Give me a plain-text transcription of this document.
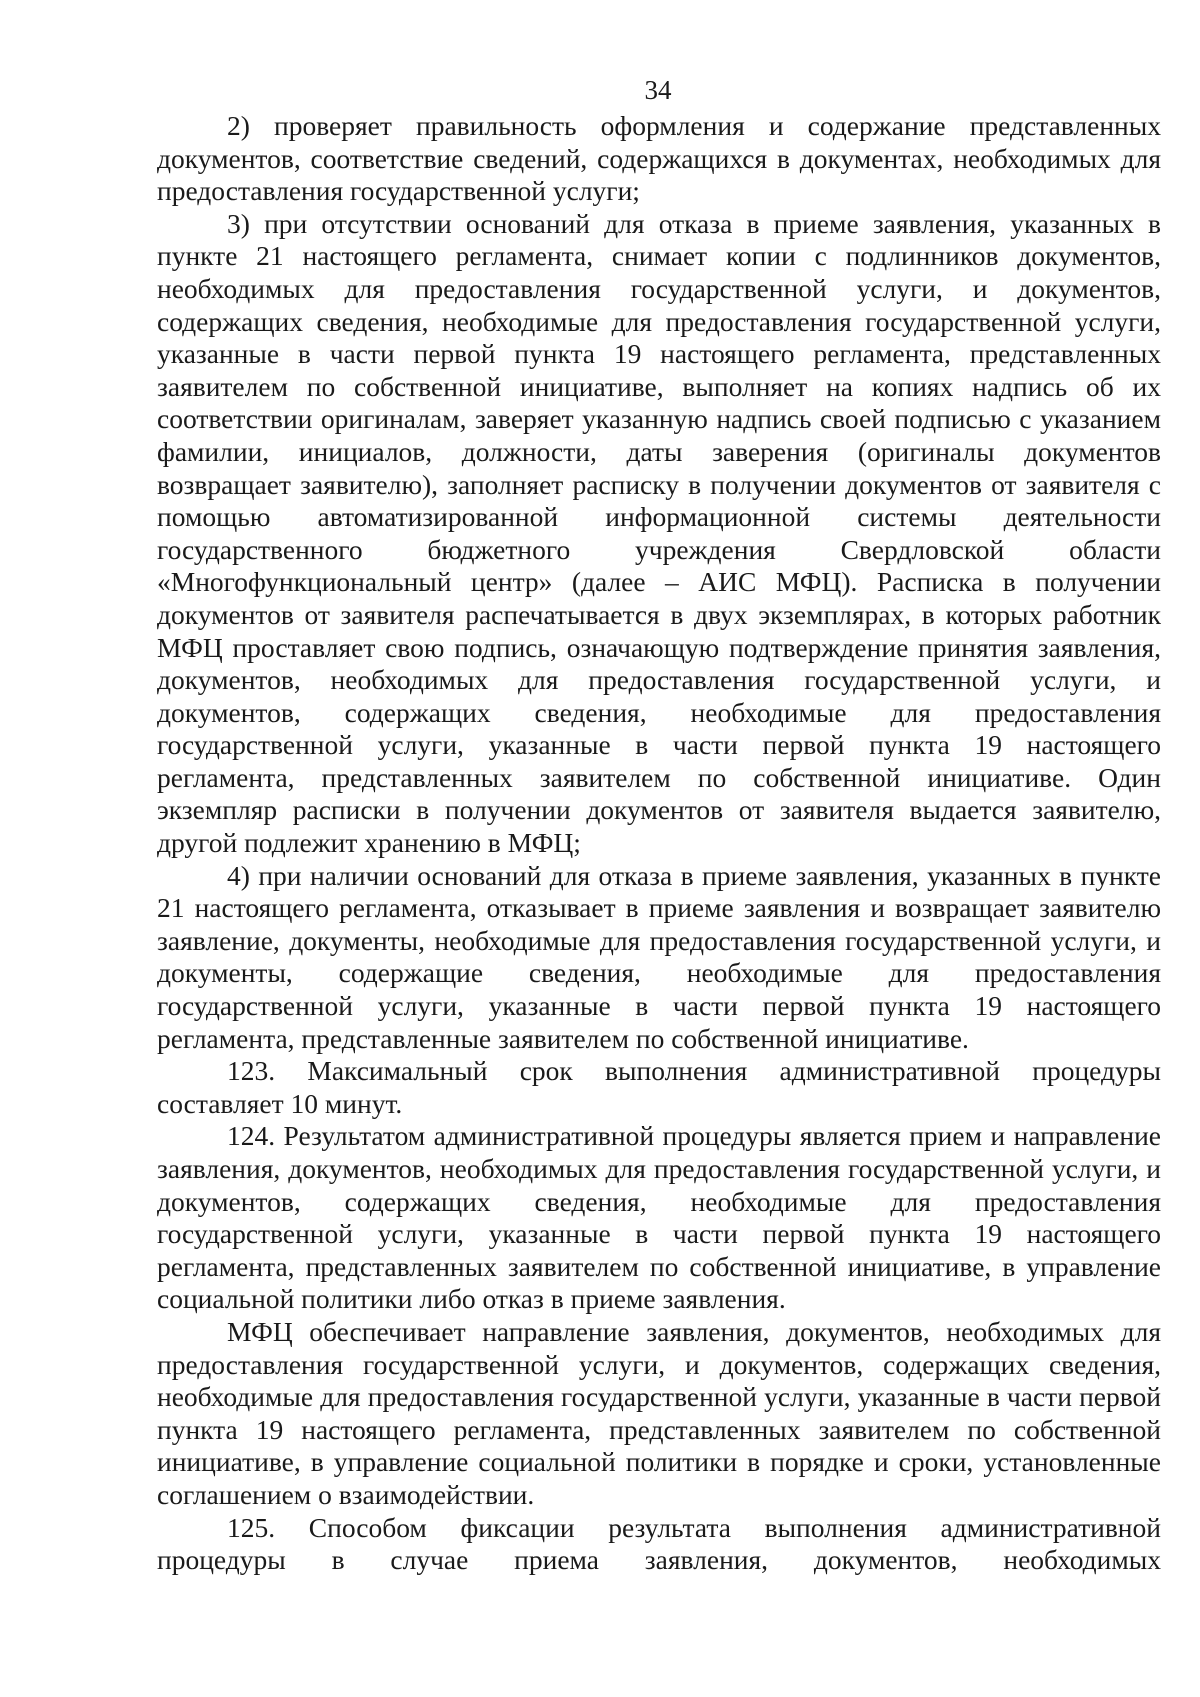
34

2) проверяет правильность оформления и содержание представленных документов, соответствие сведений, содержащихся в документах, необходимых для предоставления государственной услуги;

3) при отсутствии оснований для отказа в приеме заявления, указанных в пункте 21 настоящего регламента, снимает копии с подлинников документов, необходимых для предоставления государственной услуги, и документов, содержащих сведения, необходимые для предоставления государственной услуги, указанные в части первой пункта 19 настоящего регламента, представленных заявителем по собственной инициативе, выполняет на копиях надпись об их соответствии оригиналам, заверяет указанную надпись своей подписью с указанием фамилии, инициалов, должности, даты заверения (оригиналы документов возвращает заявителю), заполняет расписку в получении документов от заявителя с помощью автоматизированной информационной системы деятельности государственного бюджетного учреждения Свердловской области «Многофункциональный центр» (далее – АИС МФЦ). Расписка в получении документов от заявителя распечатывается в двух экземплярах, в которых работник МФЦ проставляет свою подпись, означающую подтверждение принятия заявления, документов, необходимых для предоставления государственной услуги, и документов, содержащих сведения, необходимые для предоставления государственной услуги, указанные в части первой пункта 19 настоящего регламента, представленных заявителем по собственной инициативе. Один экземпляр расписки в получении документов от заявителя выдается заявителю, другой подлежит хранению в МФЦ;

4) при наличии оснований для отказа в приеме заявления, указанных в пункте 21 настоящего регламента, отказывает в приеме заявления и возвращает заявителю заявление, документы, необходимые для предоставления государственной услуги, и документы, содержащие сведения, необходимые для предоставления государственной услуги, указанные в части первой пункта 19 настоящего регламента, представленные заявителем по собственной инициативе.

123. Максимальный срок выполнения административной процедуры составляет 10 минут.

124. Результатом административной процедуры является прием и направление заявления, документов, необходимых для предоставления государственной услуги, и документов, содержащих сведения, необходимые для предоставления государственной услуги, указанные в части первой пункта 19 настоящего регламента, представленных заявителем по собственной инициативе, в управление социальной политики либо отказ в приеме заявления.

МФЦ обеспечивает направление заявления, документов, необходимых для предоставления государственной услуги, и документов, содержащих сведения, необходимые для предоставления государственной услуги, указанные в части первой пункта 19 настоящего регламента, представленных заявителем по собственной инициативе, в управление социальной политики в порядке и сроки, установленные соглашением о взаимодействии.

125. Способом фиксации результата выполнения административной процедуры в случае приема заявления, документов, необходимых
